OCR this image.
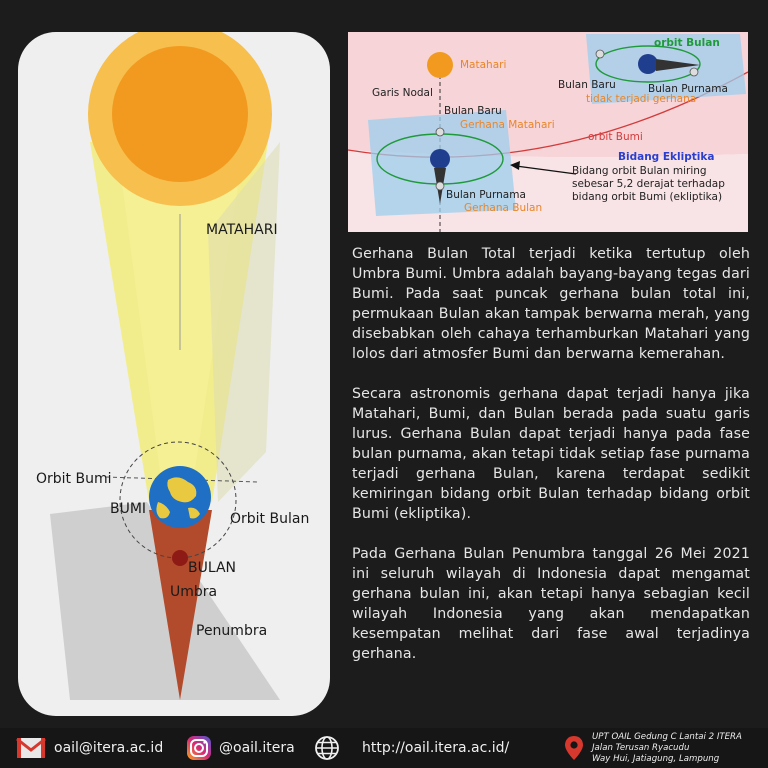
MATAHARI
Orbit Bumi
BUMI
Orbit Bulan
BULAN
Umbra
Penumbra
Matahari
Garis Nodal
Bulan Baru
Gerhana Matahari
Bulan Purnama
Gerhana Bulan
orbit Bulan
Bulan Baru
tidak terjadi gerhana
Bulan Purnama
orbit Bumi
Bidang Ekliptika
Bidang orbit Bulan miring
sebesar 5,2 derajat terhadap
bidang orbit Bumi (ekliptika)

Gerhana Bulan Total terjadi ketika tertutup oleh Umbra Bumi. Umbra adalah bayang-bayang tegas dari Bumi. Pada saat puncak gerhana bulan total ini, permukaan Bulan akan tampak berwarna merah, yang disebabkan oleh cahaya terhamburkan Matahari yang lolos dari atmosfer Bumi dan berwarna kemerahan.

Secara astronomis gerhana dapat terjadi hanya jika Matahari, Bumi, dan Bulan berada pada suatu garis lurus. Gerhana Bulan dapat terjadi hanya pada fase bulan purnama, akan tetapi tidak setiap fase purnama terjadi gerhana Bulan, karena terdapat sedikit kemiringan bidang orbit Bulan terhadap bidang orbit Bumi (ekliptika).

Pada Gerhana Bulan Penumbra tanggal 26 Mei 2021 ini seluruh wilayah di Indonesia dapat mengamat gerhana bulan ini, akan tetapi hanya sebagian kecil wilayah Indonesia yang akan mendapatkan kesempatan melihat dari fase awal terjadinya gerhana.

oail@itera.ac.id	@oail.itera	http://oail.itera.ac.id/
UPT OAIL Gedung C Lantai 2 ITERA
Jalan Terusan Ryacudu
Way Hui, Jatiagung, Lampung
